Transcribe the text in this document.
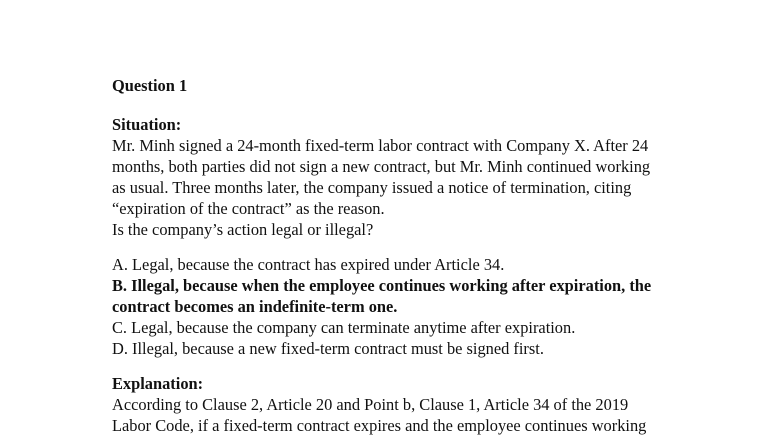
Question 1
Situation:
Mr. Minh signed a 24-month fixed-term labor contract with Company X. After 24
months, both parties did not sign a new contract, but Mr. Minh continued working
as usual. Three months later, the company issued a notice of termination, citing
“expiration of the contract” as the reason.
Is the company’s action legal or illegal?
A. Legal, because the contract has expired under Article 34.
B. Illegal, because when the employee continues working after expiration, the
contract becomes an indefinite-term one.
C. Legal, because the company can terminate anytime after expiration.
D. Illegal, because a new fixed-term contract must be signed first.
Explanation:
According to Clause 2, Article 20 and Point b, Clause 1, Article 34 of the 2019
Labor Code, if a fixed-term contract expires and the employee continues working
